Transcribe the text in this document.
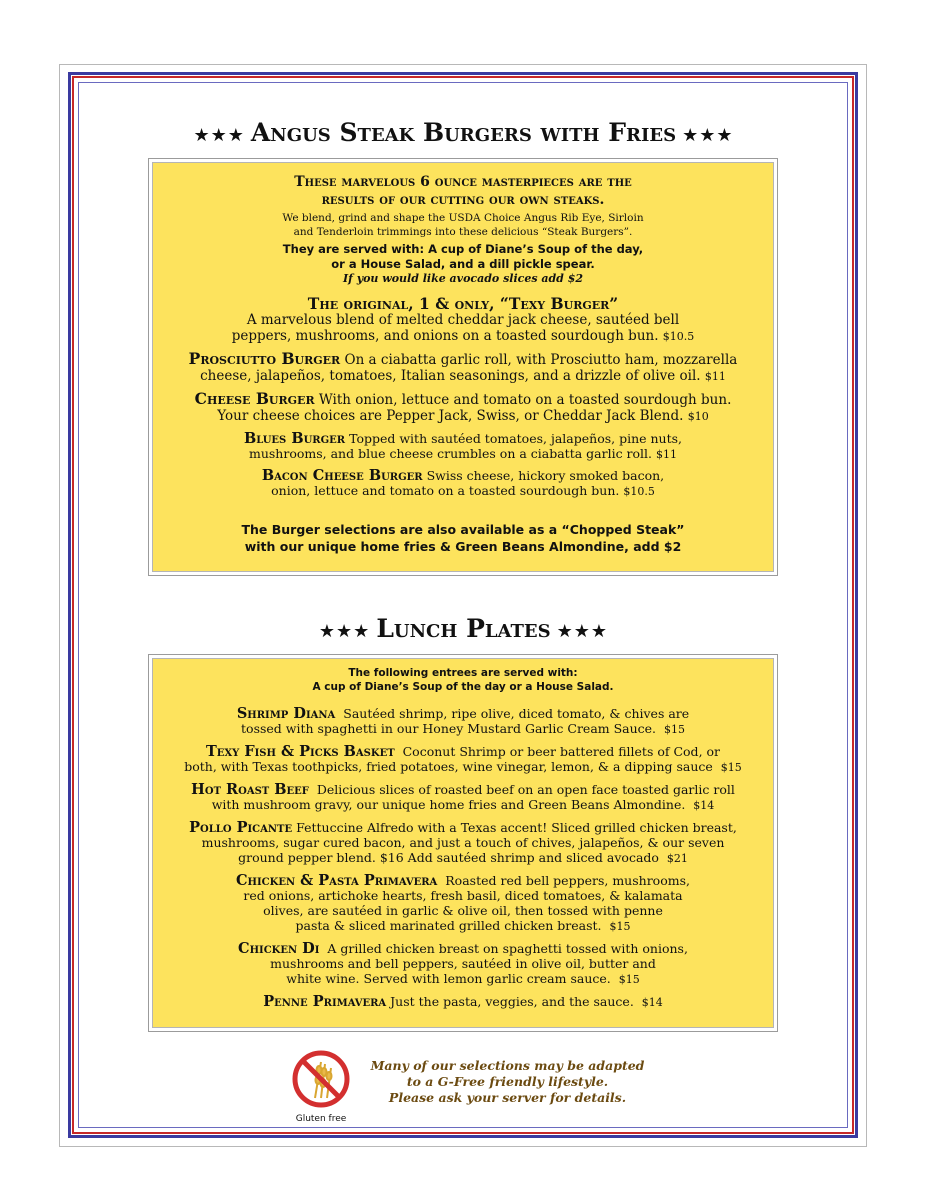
★★★ Angus Steak Burgers with Fries ★★★
These marvelous 6 ounce masterpieces are the
results of our cutting our own steaks.
We blend, grind and shape the USDA Choice Angus Rib Eye, Sirloin
and Tenderloin trimmings into these delicious “Steak Burgers”.
They are served with: A cup of Diane’s Soup of the day,
or a House Salad, and a dill pickle spear.
If you would like avocado slices add $2
The original, 1 & only, “Texy Burger”
A marvelous blend of melted cheddar jack cheese, sautéed bell
peppers, mushrooms, and onions on a toasted sourdough bun. $10.5
Prosciutto Burger On a ciabatta garlic roll, with Prosciutto ham, mozzarella
cheese, jalapeños, tomatoes, Italian seasonings, and a drizzle of olive oil. $11
Cheese Burger With onion, lettuce and tomato on a toasted sourdough bun.
Your cheese choices are Pepper Jack, Swiss, or Cheddar Jack Blend. $10
Blues Burger Topped with sautéed tomatoes, jalapeños, pine nuts,
mushrooms, and blue cheese crumbles on a ciabatta garlic roll. $11
Bacon Cheese Burger Swiss cheese, hickory smoked bacon,
onion, lettuce and tomato on a toasted sourdough bun. $10.5
The Burger selections are also available as a “Chopped Steak”
with our unique home fries & Green Beans Almondine, add $2
★★★ Lunch Plates ★★★
The following entrees are served with:
A cup of Diane’s Soup of the day or a House Salad.
Shrimp Diana Sautéed shrimp, ripe olive, diced tomato, & chives are
tossed with spaghetti in our Honey Mustard Garlic Cream Sauce. $15
Texy Fish & Picks Basket Coconut Shrimp or beer battered fillets of Cod, or
both, with Texas toothpicks, fried potatoes, wine vinegar, lemon, & a dipping sauce $15
Hot Roast Beef Delicious slices of roasted beef on an open face toasted garlic roll
with mushroom gravy, our unique home fries and Green Beans Almondine. $14
Pollo Picante Fettuccine Alfredo with a Texas accent! Sliced grilled chicken breast,
mushrooms, sugar cured bacon, and just a touch of chives, jalapeños, & our seven
ground pepper blend. $16 Add sautéed shrimp and sliced avocado $21
Chicken & Pasta Primavera Roasted red bell peppers, mushrooms,
red onions, artichoke hearts, fresh basil, diced tomatoes, & kalamata
olives, are sautéed in garlic & olive oil, then tossed with penne
pasta & sliced marinated grilled chicken breast. $15
Chicken Di A grilled chicken breast on spaghetti tossed with onions,
mushrooms and bell peppers, sautéed in olive oil, butter and
white wine. Served with lemon garlic cream sauce. $15
Penne Primavera Just the pasta, veggies, and the sauce. $14
Gluten free
Many of our selections may be adapted
to a G-Free friendly lifestyle.
Please ask your server for details.
